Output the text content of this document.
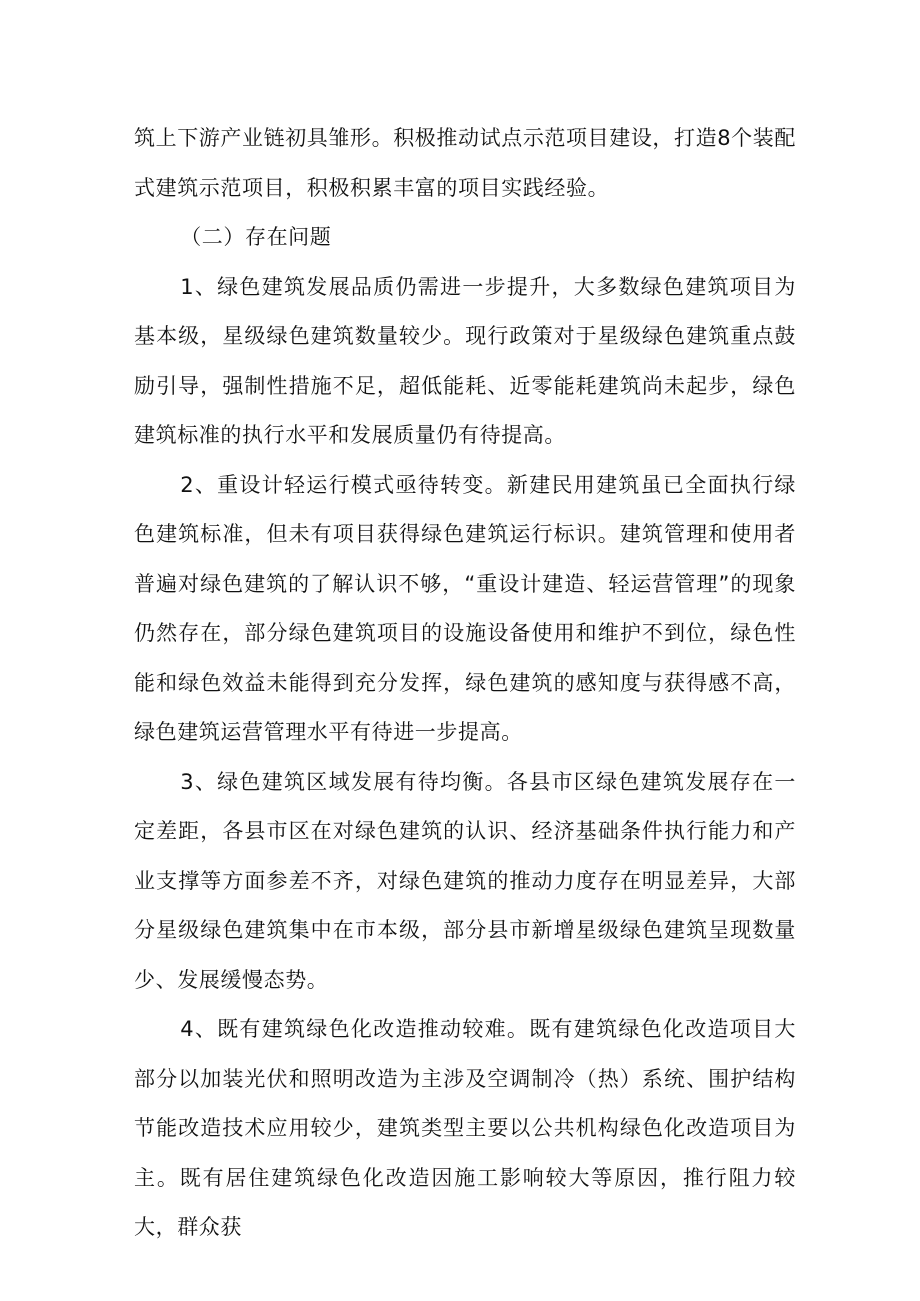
筑上下游产业链初具雏形。积极推动试点示范项目建设，打造8个装配式建筑示范项目，积极积累丰富的项目实践经验。

（二）存在问题

1、绿色建筑发展品质仍需进一步提升，大多数绿色建筑项目为基本级，星级绿色建筑数量较少。现行政策对于星级绿色建筑重点鼓励引导，强制性措施不足，超低能耗、近零能耗建筑尚未起步，绿色建筑标准的执行水平和发展质量仍有待提高。

2、重设计轻运行模式亟待转变。新建民用建筑虽已全面执行绿色建筑标准，但未有项目获得绿色建筑运行标识。建筑管理和使用者普遍对绿色建筑的了解认识不够，“重设计建造、轻运营管理”的现象仍然存在，部分绿色建筑项目的设施设备使用和维护不到位，绿色性能和绿色效益未能得到充分发挥，绿色建筑的感知度与获得感不高，绿色建筑运营管理水平有待进一步提高。

3、绿色建筑区域发展有待均衡。各县市区绿色建筑发展存在一定差距，各县市区在对绿色建筑的认识、经济基础条件执行能力和产业支撑等方面参差不齐，对绿色建筑的推动力度存在明显差异，大部分星级绿色建筑集中在市本级，部分县市新增星级绿色建筑呈现数量少、发展缓慢态势。

4、既有建筑绿色化改造推动较难。既有建筑绿色化改造项目大部分以加装光伏和照明改造为主涉及空调制冷（热）系统、围护结构节能改造技术应用较少，建筑类型主要以公共机构绿色化改造项目为主。既有居住建筑绿色化改造因施工影响较大等原因，推行阻力较大，群众获
